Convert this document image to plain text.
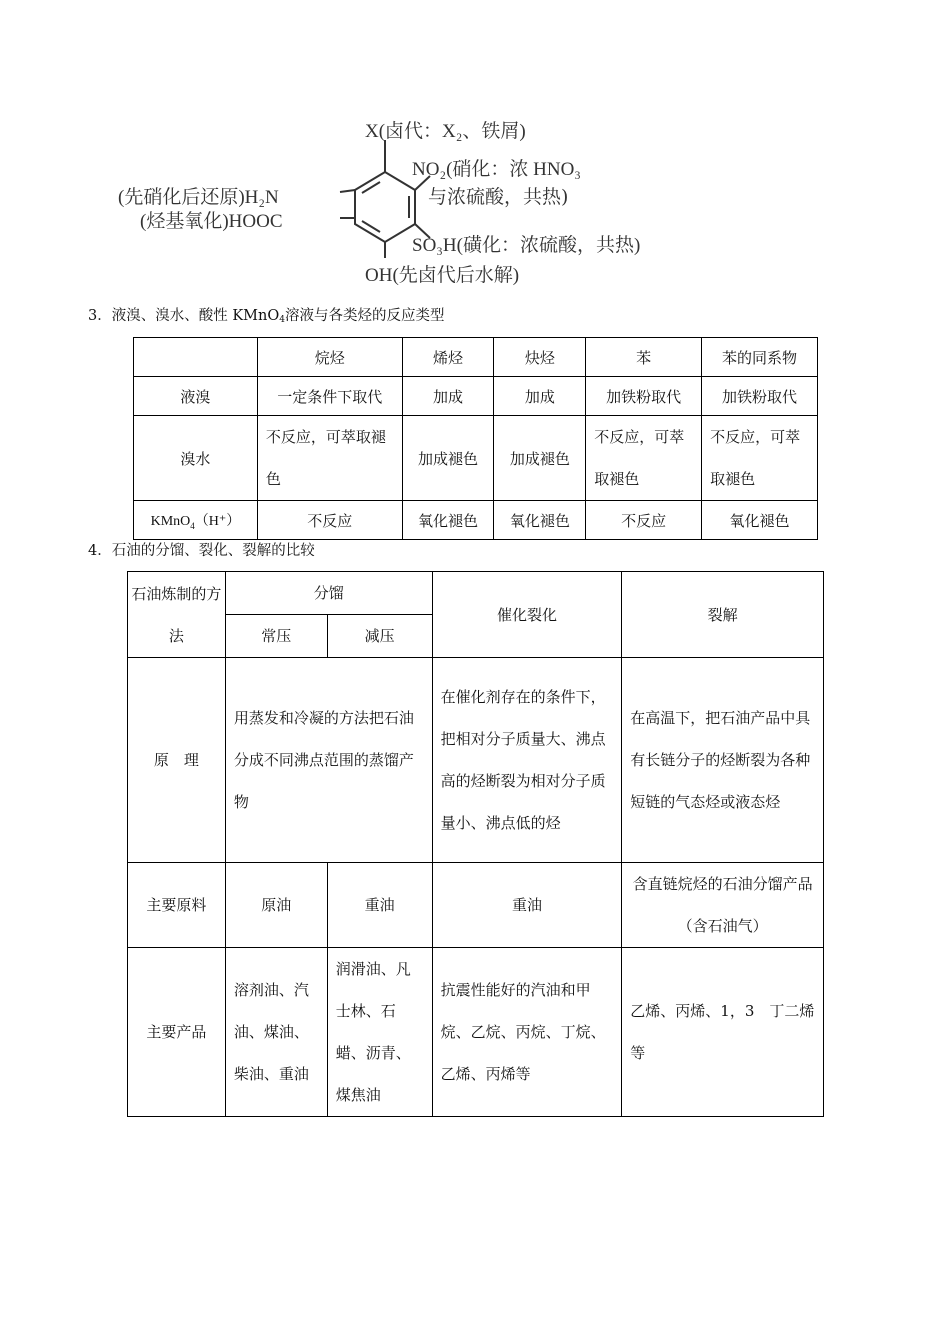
X(卤代：X₂、铁屑)
NO₂(硝化：浓 HNO₃
与浓硫酸，共热)
(先硝化后还原)H₂N
(烃基氧化)HOOC
SO₃H(磺化：浓硫酸，共热)
OH(先卤代后水解)
3．液溴、溴水、酸性 KMnO$_4$溶液与各类烃的反应类型
	烷烃	烯烃	炔烃	苯	苯的同系物
液溴	一定条件下取代	加成	加成	加铁粉取代	加铁粉取代
溴水	不反应，可萃取褪色	加成褪色	加成褪色	不反应，可萃取褪色	不反应，可萃取褪色
KMnO$_4$（H⁺）	不反应	氧化褪色	氧化褪色	不反应	氧化褪色
4．石油的分馏、裂化、裂解的比较
石油炼制的方法	分馏		催化裂化	裂解
	常压	减压		
原　理	用蒸发和冷凝的方法把石油分成不同沸点范围的蒸馏产物		在催化剂存在的条件下，把相对分子质量大、沸点高的烃断裂为相对分子质量小、沸点低的烃	在高温下，把石油产品中具有长链分子的烃断裂为各种短链的气态烃或液态烃
主要原料	原油	重油	重油	含直链烷烃的石油分馏产品（含石油气）
主要产品	溶剂油、汽油、煤油、柴油、重油	润滑油、凡士林、石蜡、沥青、煤焦油	抗震性能好的汽油和甲烷、乙烷、丙烷、丁烷、乙烯、丙烯等	乙烯、丙烯、1，3　丁二烯等
